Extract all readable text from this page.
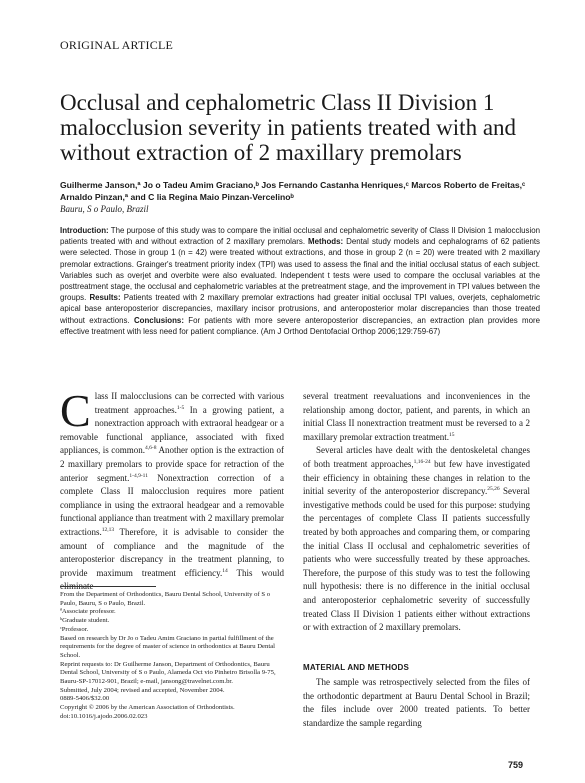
ORIGINAL ARTICLE
Occlusal and cephalometric Class II Division 1 malocclusion severity in patients treated with and without extraction of 2 maxillary premolars
Guilherme Janson,ª Jo o Tadeu Amim Graciano,ᵇ Jos Fernando Castanha Henriques,ᶜ Marcos Roberto de Freitas,ᶜ Arnaldo Pinzan,ª and C lia Regina Maio Pinzan-Vercelinoᵇ
Bauru, S o Paulo, Brazil
Introduction: The purpose of this study was to compare the initial occlusal and cephalometric severity of Class II Division 1 malocclusion patients treated with and without extraction of 2 maxillary premolars. Methods: Dental study models and cephalograms of 62 patients were selected. Those in group 1 (n = 42) were treated without extractions, and those in group 2 (n = 20) were treated with 2 maxillary premolar extractions. Grainger's treatment priority index (TPI) was used to assess the final and the initial occlusal status of each subject. Variables such as overjet and overbite were also evaluated. Independent t tests were used to compare the occlusal variables at the posttreatment stage, the occlusal and cephalometric variables at the pretreatment stage, and the improvement in TPI values between the groups. Results: Patients treated with 2 maxillary premolar extractions had greater initial occlusal TPI values, overjets, cephalometric apical base anteroposterior discrepancies, maxillary incisor protrusions, and anteroposterior molar discrepancies than those treated without extractions. Conclusions: For patients with more severe anteroposterior discrepancies, an extraction plan provides more effective treatment with less need for patient compliance. (Am J Orthod Dentofacial Orthop 2006;129:759-67)

Class II malocclusions can be corrected with various treatment approaches.$^{1-5}$ In a growing patient, a nonextraction approach with extraoral headgear or a removable functional appliance, associated with fixed appliances, is common.$^{4,6-8}$ Another option is the extraction of 2 maxillary premolars to provide space for retraction of the anterior segment.$^{1-4,9-11}$ Nonextraction correction of a complete Class II malocclusion requires more patient compliance in using the extraoral headgear and a removable functional appliance than treatment with 2 maxillary premolar extractions.$^{12,13}$ Therefore, it is advisable to consider the amount of compliance and the magnitude of the anteroposterior discrepancy in the treatment planning, to provide maximum treatment efficiency.$^{14}$ This would eliminate

several treatment reevaluations and inconveniences in the relationship among doctor, patient, and parents, in which an initial Class II nonextraction treatment must be reversed to a 2 maxillary premolar extraction treatment.$^{15}$

Several articles have dealt with the dentoskeletal changes of both treatment approaches,$^{1,16-24}$ but few have investigated their efficiency in obtaining these changes in relation to the initial severity of the anteroposterior discrepancy.$^{25,26}$ Several investigative methods could be used for this purpose: studying the percentages of complete Class II patients successfully treated by both approaches and comparing them, or comparing the initial Class II occlusal and cephalometric severities of patients who were successfully treated by these approaches. Therefore, the purpose of this study was to test the following null hypothesis: there is no difference in the initial occlusal and anteroposterior cephalometric severity of successfully treated Class II Division 1 patients either without extractions or with extraction of 2 maxillary premolars.

From the Department of Orthodontics, Bauru Dental School, University of S o Paulo, Bauru, S o Paulo, Brazil.

ªAssociate professor.

ᵇGraduate student.

ᶜProfessor.

Based on research by Dr Jo o Tadeu Amim Graciano in partial fulfillment of the requirements for the degree of master of science in orthodontics at Bauru Dental School.

Reprint requests to: Dr Guilherme Janson, Department of Orthodontics, Bauru Dental School, University of S o Paulo, Alameda Oct vio Pinheiro Brisolla 9-75, Bauru-SP-17012-901, Brazil; e-mail, jansong@travelnet.com.br.

Submitted, July 2004; revised and accepted, November 2004.

0889-5406/$32.00

Copyright © 2006 by the American Association of Orthodontists.

doi:10.1016/j.ajodo.2006.02.023

MATERIAL AND METHODS
The sample was retrospectively selected from the files of the orthodontic department at Bauru Dental School in Brazil; the files include over 2000 treated patients. To better standardize the sample regarding
759
